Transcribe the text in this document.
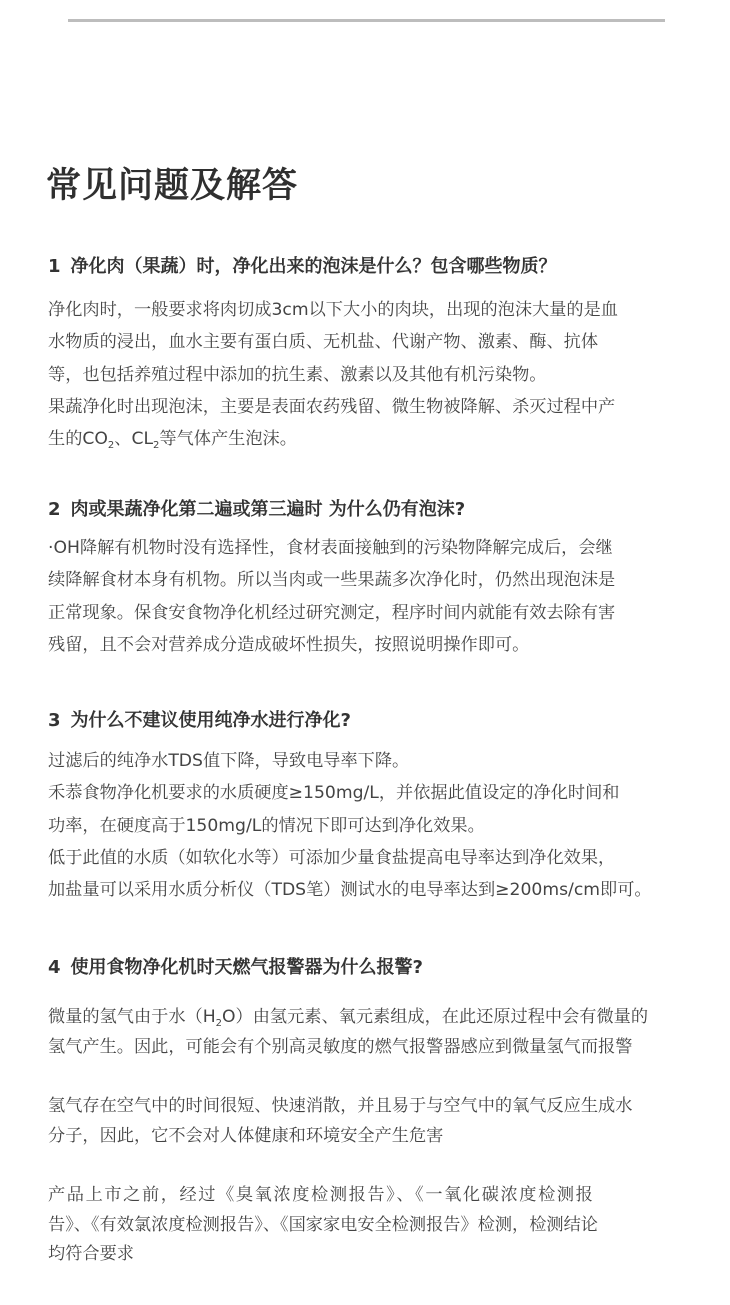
常见问题及解答

1 净化肉（果蔬）时，净化出来的泡沫是什么？包含哪些物质？

净化肉时，一般要求将肉切成3cm以下大小的肉块，出现的泡沫大量的是血

水物质的浸出，血水主要有蛋白质、无机盐、代谢产物、激素、酶、抗体

等，也包括养殖过程中添加的抗生素、激素以及其他有机污染物。

果蔬净化时出现泡沫，主要是表面农药残留、微生物被降解、杀灭过程中产

生的$CO_2$、$CL_2$等气体产生泡沫。

2 肉或果蔬净化第二遍或第三遍时 为什么仍有泡沫?

·OH降解有机物时没有选择性，食材表面接触到的污染物降解完成后，会继

续降解食材本身有机物。所以当肉或一些果蔬多次净化时，仍然出现泡沫是

正常现象。保食安食物净化机经过研究测定，程序时间内就能有效去除有害

残留，且不会对营养成分造成破坏性损失，按照说明操作即可。

3 为什么不建议使用纯净水进行净化?

过滤后的纯净水TDS值下降，导致电导率下降。

禾菾食物净化机要求的水质硬度≥150mg/L，并依据此值设定的净化时间和

功率，在硬度高于150mg/L的情况下即可达到净化效果。

低于此值的水质（如软化水等）可添加少量食盐提高电导率达到净化效果，

加盐量可以采用水质分析仪（TDS笔）测试水的电导率达到≥200ms/cm即可。

4 使用食物净化机时天燃气报警器为什么报警?

微量的氢气由于水$(H_2O)$由氢元素、氧元素组成，在此还原过程中会有微量的

氢气产生。因此，可能会有个别高灵敏度的燃气报警器感应到微量氢气而报警

氢气存在空气中的时间很短、快速消散，并且易于与空气中的氧气反应生成水

分子，因此，它不会对人体健康和环境安全产生危害

产品上市之前，经过《臭氧浓度检测报告》、《一氧化碳浓度检测报

告》、《有效氯浓度检测报告》、《国家家电安全检测报告》检测，检测结论

均符合要求
